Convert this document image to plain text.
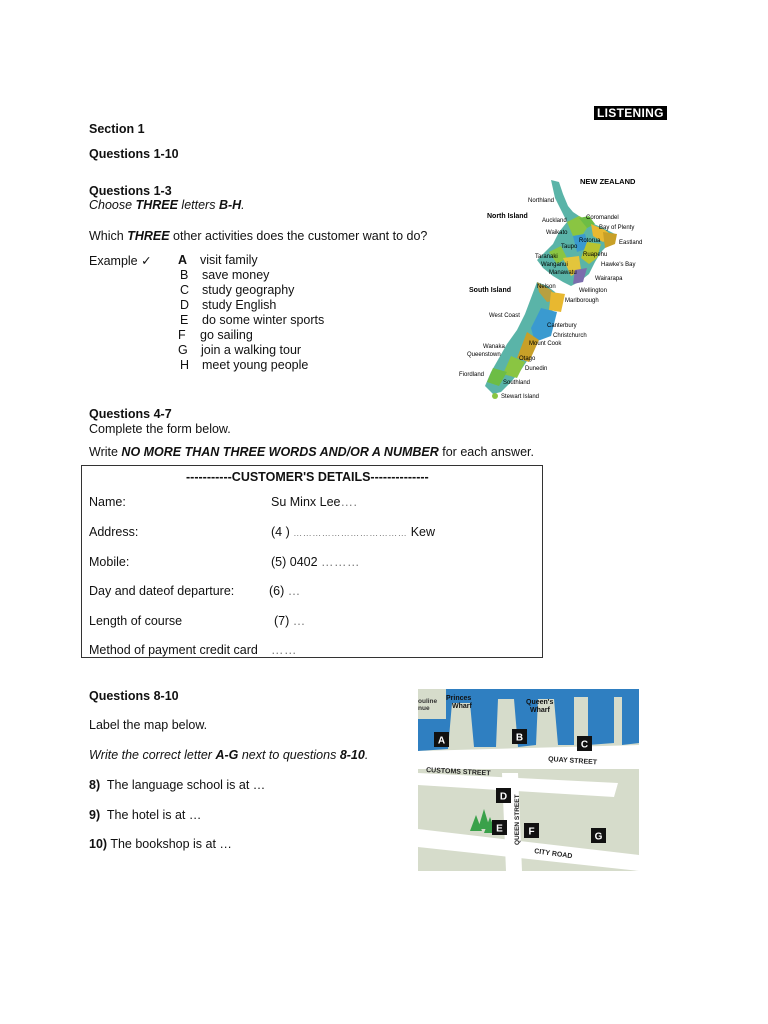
LISTENING
Section 1
Questions 1-10
Questions 1-3
Choose THREE letters B-H.
Which THREE other activities does the customer want to do?
Example ✓ A visit family
B save money
C study geography
D study English
E do some winter sports
F go sailing
G join a walking tour
H meet young people
NEW ZEALAND
Northland
Auckland
Waikato
Coromandel
Bay of Plenty
Eastland
Taupo
Rotorua
Taranaki	Ruapehu
Hawke's Bay
Wanganui
Manawatu
Wairarapa
Wellington
Nelson
Marlborough
West Coast
Canterbury
Christchurch
Mount Cook
Wanaka
Queenstown
Otago
Dunedin
Fiordland
Southland
Stewart Island
North Island
South Island
Questions 4-7
Complete the form below.
Write NO MORE THAN THREE WORDS AND/OR A NUMBER for each answer.
-----------CUSTOMER'S DETAILS--------------
Name:	Su Minx Lee….
Address:	(4 ) ……………………………… Kew
Mobile:	(5) 0402 ………
Day and dateof departure:	(6) …
Length of course	(7) …
Method of payment credit card ……
Questions 8-10
Label the map below.
Write the correct letter A-G next to questions 8-10.
8) The language school is at …
9) The hotel is at …
10) The bookshop is at …
ouline nue
Princes Wharf
Queen's Wharf
QUAY STREET
CUSTOMS STREET
QUEEN STREET
CITY ROAD
A	B
C
D
E	F	G
